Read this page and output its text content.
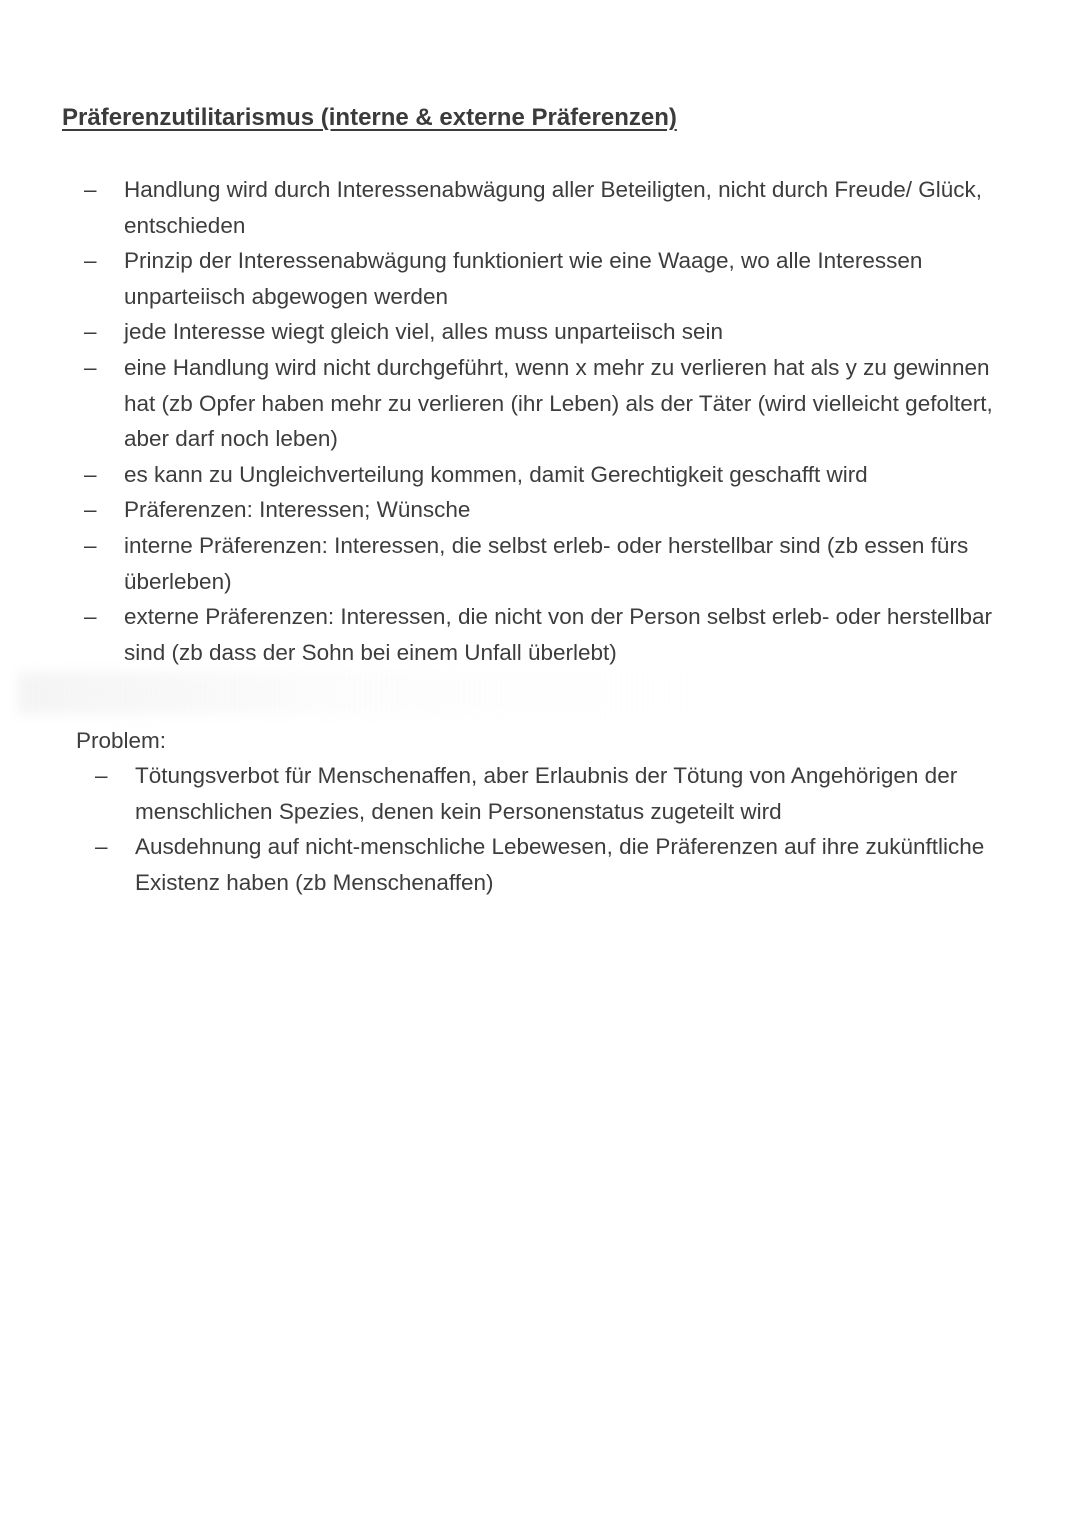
Präferenzutilitarismus (interne & externe Präferenzen)
– Handlung wird durch Interessenabwägung aller Beteiligten, nicht durch Freude/ Glück, entschieden
– Prinzip der Interessenabwägung funktioniert wie eine Waage, wo alle Interessen unparteiisch abgewogen werden
– jede Interesse wiegt gleich viel, alles muss unparteiisch sein
– eine Handlung wird nicht durchgeführt, wenn x mehr zu verlieren hat als y zu gewinnen hat (zb Opfer haben mehr zu verlieren (ihr Leben) als der Täter (wird vielleicht gefoltert, aber darf noch leben)
– es kann zu Ungleichverteilung kommen, damit Gerechtigkeit geschafft wird
– Präferenzen: Interessen; Wünsche
– interne Präferenzen: Interessen, die selbst erleb- oder herstellbar sind (zb essen fürs überleben)
– externe Präferenzen: Interessen, die nicht von der Person selbst erleb- oder herstellbar sind (zb dass der Sohn bei einem Unfall überlebt)
Problem:
– Tötungsverbot für Menschenaffen, aber Erlaubnis der Tötung von Angehörigen der menschlichen Spezies, denen kein Personenstatus zugeteilt wird
– Ausdehnung auf nicht-menschliche Lebewesen, die Präferenzen auf ihre zukünftliche Existenz haben (zb Menschenaffen)
